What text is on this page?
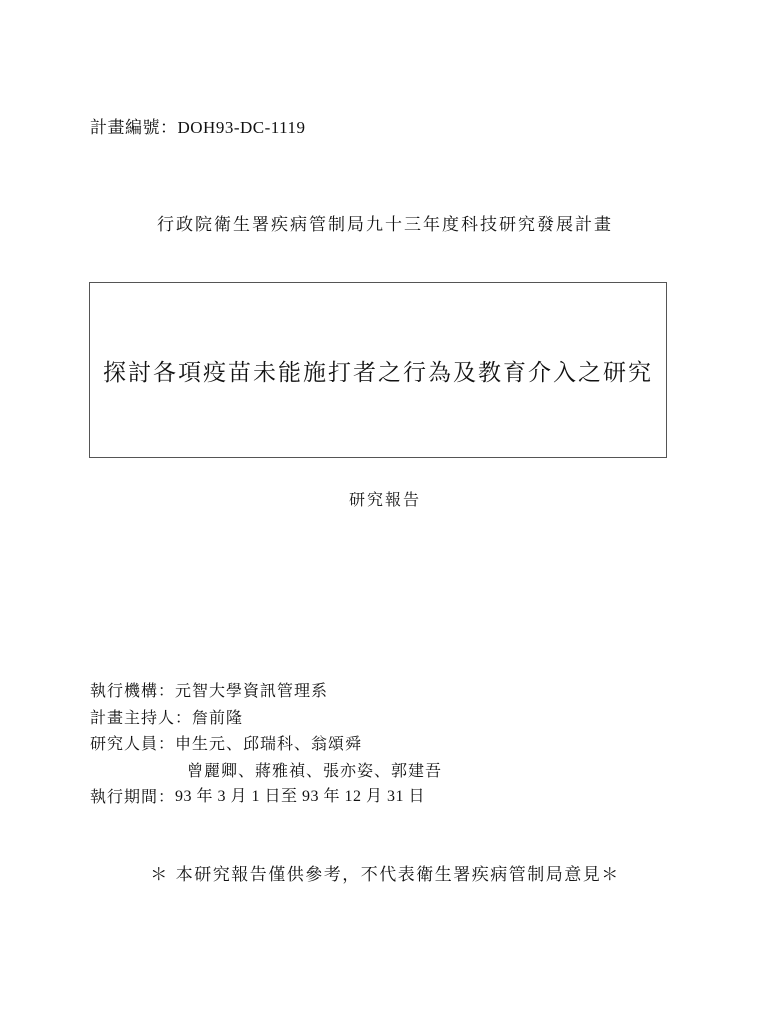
計畫編號：DOH93-DC-1119
行政院衛生署疾病管制局九十三年度科技研究發展計畫
探討各項疫苗未能施打者之行為及教育介入之研究
研究報告
執行機構： 元智大學資訊管理系
計畫主持人： 詹前隆
研究人員： 申生元、邱瑞科、翁頌舜
曾麗卿、蔣雅禎、張亦姿、郭建吾
執行期間： 93 年 3 月 1 日至 93 年 12 月 31 日
＊ 本研究報告僅供參考，不代表衛生署疾病管制局意見＊
